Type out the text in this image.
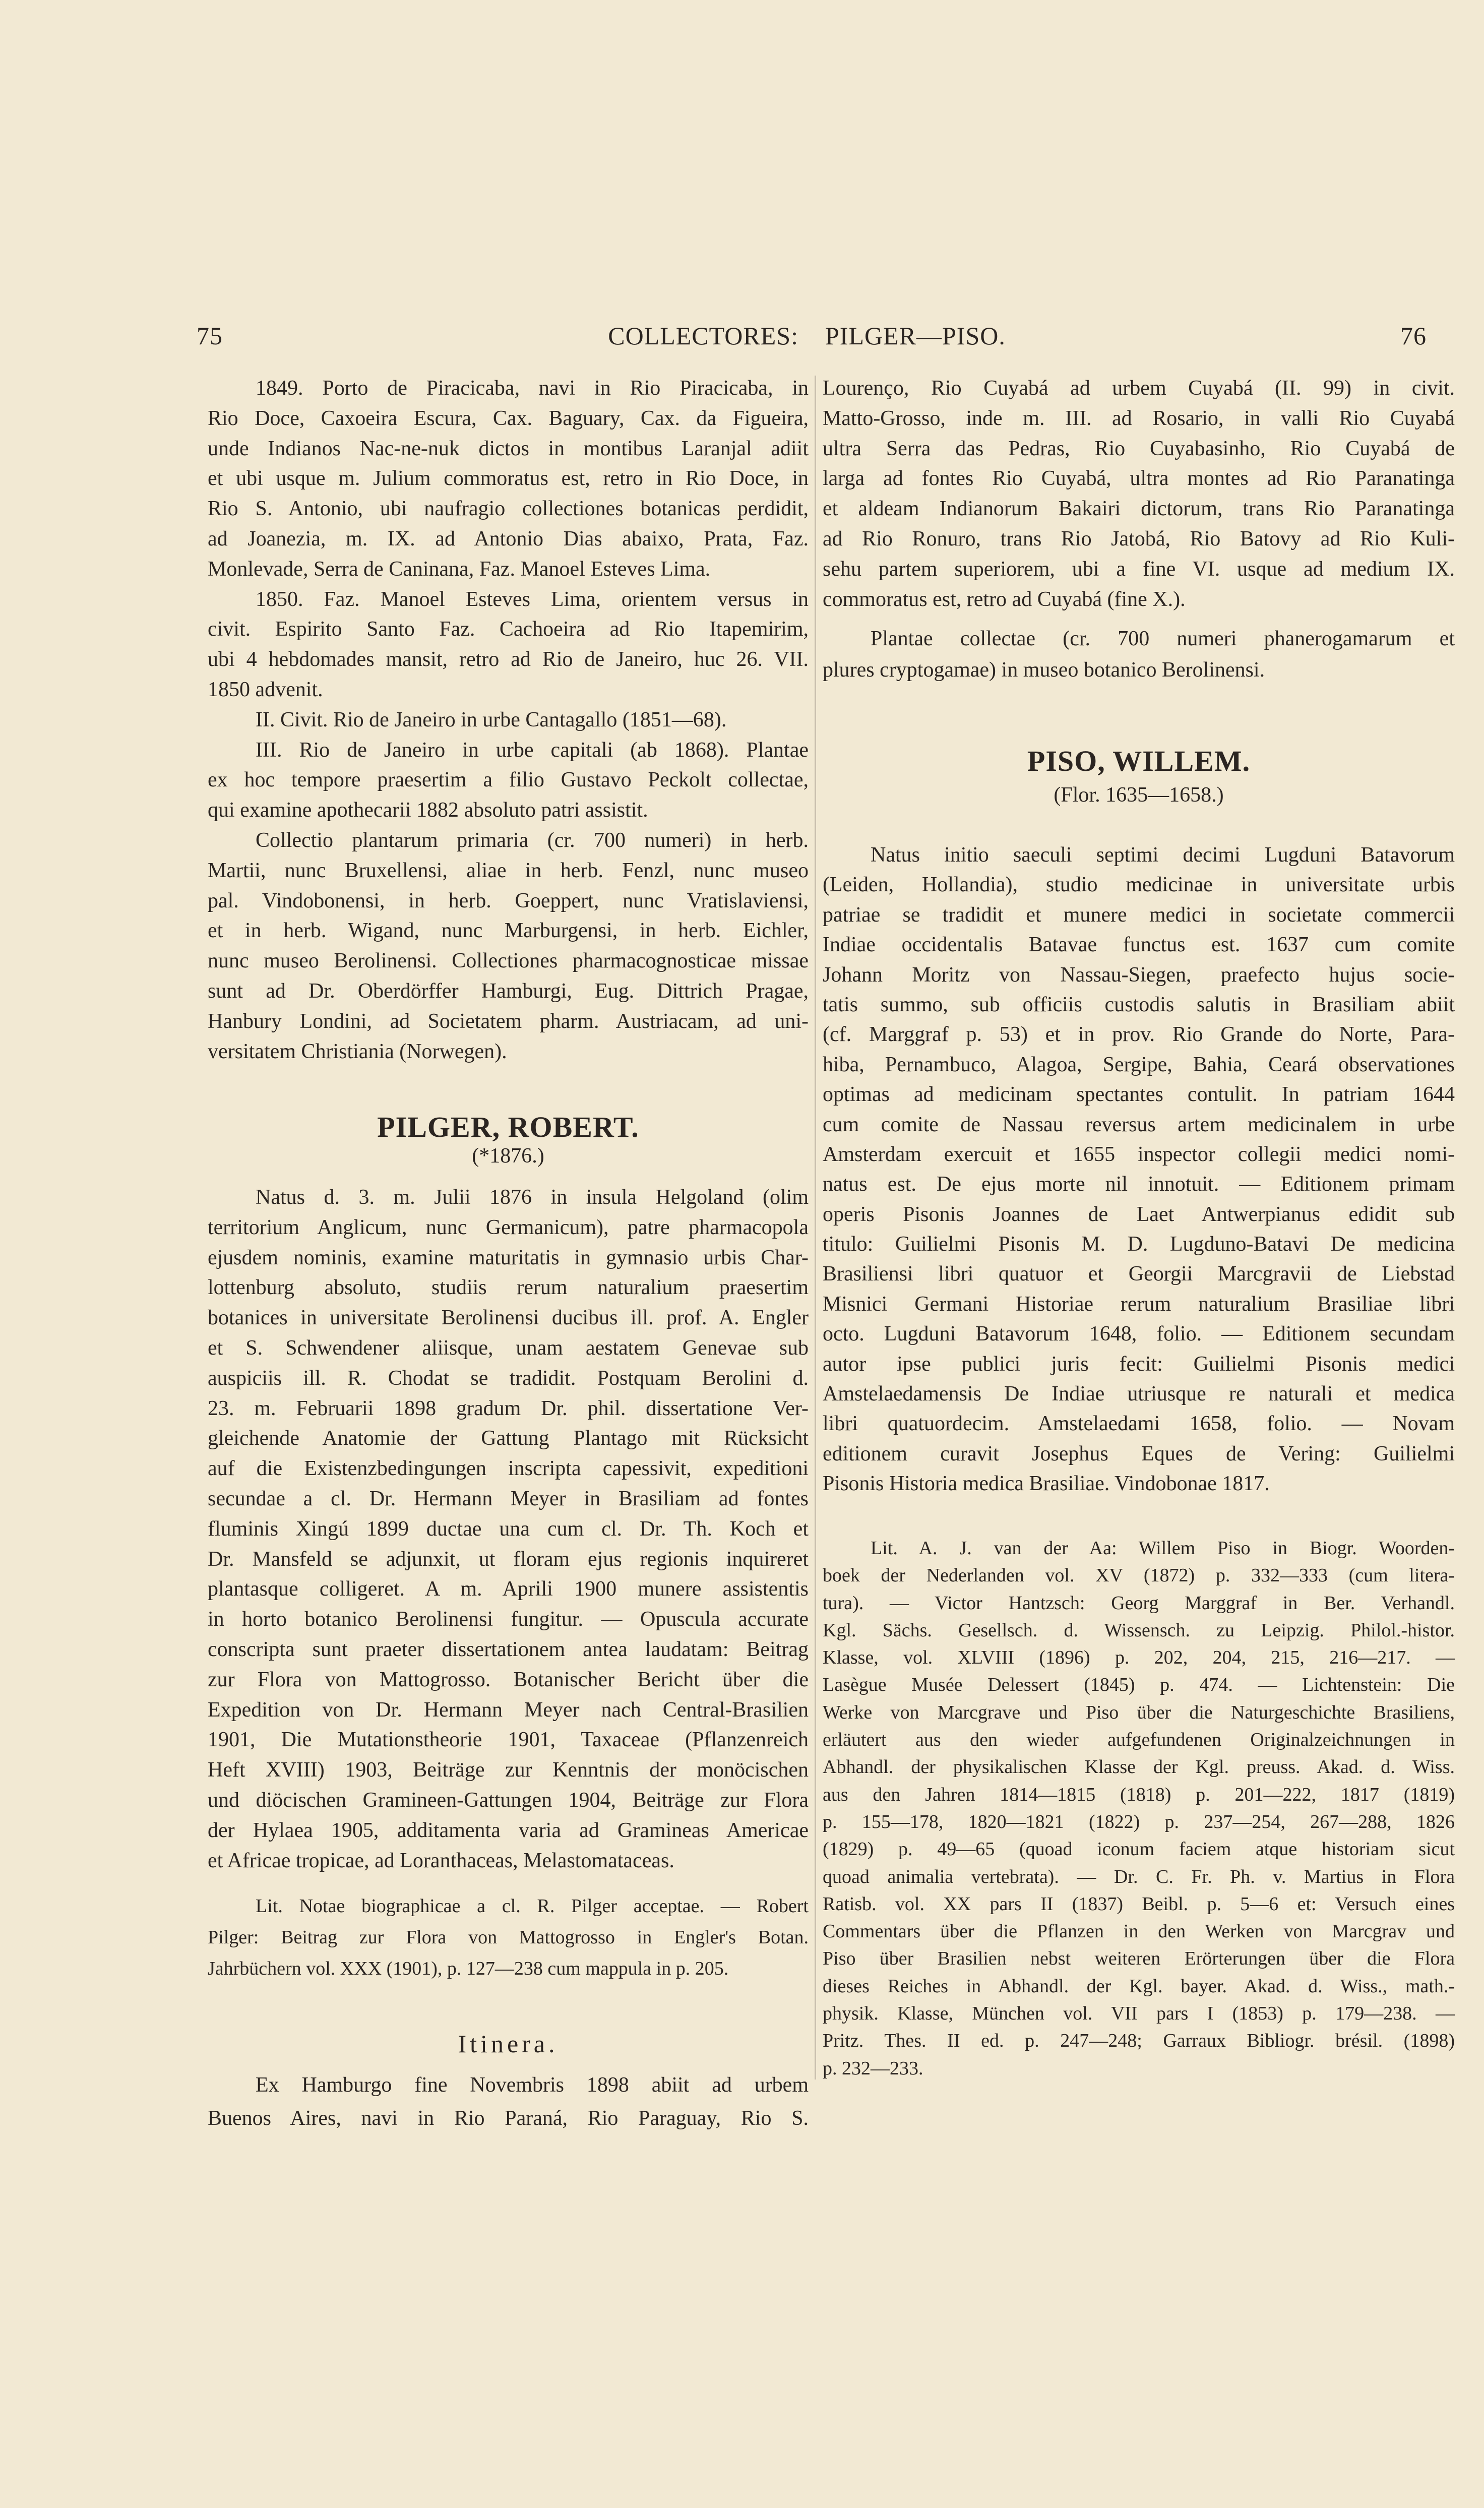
75	COLLECTORES: PILGER—PISO.	76
1849. Porto de Piracicaba, navi in Rio Piracicaba, in
Rio Doce, Caxoeira Escura, Cax. Baguary, Cax. da Figueira,
unde Indianos Nac-ne-nuk dictos in montibus Laranjal adiit
et ubi usque m. Julium commoratus est, retro in Rio Doce, in
Rio S. Antonio, ubi naufragio collectiones botanicas perdidit,
ad Joanezia, m. IX. ad Antonio Dias abaixo, Prata, Faz.
Monlevade, Serra de Caninana, Faz. Manoel Esteves Lima.
1850. Faz. Manoel Esteves Lima, orientem versus in
civit. Espirito Santo Faz. Cachoeira ad Rio Itapemirim,
ubi 4 hebdomades mansit, retro ad Rio de Janeiro, huc 26. VII.
1850 advenit.
II. Civit. Rio de Janeiro in urbe Cantagallo (1851—68).
III. Rio de Janeiro in urbe capitali (ab 1868). Plantae
ex hoc tempore praesertim a filio Gustavo Peckolt collectae,
qui examine apothecarii 1882 absoluto patri assistit.
Collectio plantarum primaria (cr. 700 numeri) in herb.
Martii, nunc Bruxellensi, aliae in herb. Fenzl, nunc museo
pal. Vindobonensi, in herb. Goeppert, nunc Vratislaviensi,
et in herb. Wigand, nunc Marburgensi, in herb. Eichler,
nunc museo Berolinensi. Collectiones pharmacognosticae missae
sunt ad Dr. Oberdörffer Hamburgi, Eug. Dittrich Pragae,
Hanbury Londini, ad Societatem pharm. Austriacam, ad uni-
versitatem Christiania (Norwegen).
PILGER, ROBERT.
(*1876.)
Natus d. 3. m. Julii 1876 in insula Helgoland (olim
territorium Anglicum, nunc Germanicum), patre pharmacopola
ejusdem nominis, examine maturitatis in gymnasio urbis Char-
lottenburg absoluto, studiis rerum naturalium praesertim
botanices in universitate Berolinensi ducibus ill. prof. A. Engler
et S. Schwendener aliisque, unam aestatem Genevae sub
auspiciis ill. R. Chodat se tradidit. Postquam Berolini d.
23. m. Februarii 1898 gradum Dr. phil. dissertatione Ver-
gleichende Anatomie der Gattung Plantago mit Rücksicht
auf die Existenzbedingungen inscripta capessivit, expeditioni
secundae a cl. Dr. Hermann Meyer in Brasiliam ad fontes
fluminis Xingú 1899 ductae una cum cl. Dr. Th. Koch et
Dr. Mansfeld se adjunxit, ut floram ejus regionis inquireret
plantasque colligeret. A m. Aprili 1900 munere assistentis
in horto botanico Berolinensi fungitur. — Opuscula accurate
conscripta sunt praeter dissertationem antea laudatam: Beitrag
zur Flora von Mattogrosso. Botanischer Bericht über die
Expedition von Dr. Hermann Meyer nach Central-Brasilien
1901, Die Mutationstheorie 1901, Taxaceae (Pflanzenreich
Heft XVIII) 1903, Beiträge zur Kenntnis der monöcischen
und diöcischen Gramineen-Gattungen 1904, Beiträge zur Flora
der Hylaea 1905, additamenta varia ad Gramineas Americae
et Africae tropicae, ad Loranthaceas, Melastomataceas.
Lit. Notae biographicae a cl. R. Pilger acceptae. — Robert
Pilger: Beitrag zur Flora von Mattogrosso in Engler's Botan.
Jahrbüchern vol. XXX (1901), p. 127—238 cum mappula in p. 205.
Itinera.
Ex Hamburgo fine Novembris 1898 abiit ad urbem
Buenos Aires, navi in Rio Paraná, Rio Paraguay, Rio S.
Lourenço, Rio Cuyabá ad urbem Cuyabá (II. 99) in civit.
Matto-Grosso, inde m. III. ad Rosario, in valli Rio Cuyabá
ultra Serra das Pedras, Rio Cuyabasinho, Rio Cuyabá de
larga ad fontes Rio Cuyabá, ultra montes ad Rio Paranatinga
et aldeam Indianorum Bakairi dictorum, trans Rio Paranatinga
ad Rio Ronuro, trans Rio Jatobá, Rio Batovy ad Rio Kuli-
sehu partem superiorem, ubi a fine VI. usque ad medium IX.
commoratus est, retro ad Cuyabá (fine X.).
Plantae collectae (cr. 700 numeri phanerogamarum et
plures cryptogamae) in museo botanico Berolinensi.
PISO, WILLEM.
(Flor. 1635—1658.)
Natus initio saeculi septimi decimi Lugduni Batavorum
(Leiden, Hollandia), studio medicinae in universitate urbis
patriae se tradidit et munere medici in societate commercii
Indiae occidentalis Batavae functus est. 1637 cum comite
Johann Moritz von Nassau-Siegen, praefecto hujus socie-
tatis summo, sub officiis custodis salutis in Brasiliam abiit
(cf. Marggraf p. 53) et in prov. Rio Grande do Norte, Para-
hiba, Pernambuco, Alagoa, Sergipe, Bahia, Ceará observationes
optimas ad medicinam spectantes contulit. In patriam 1644
cum comite de Nassau reversus artem medicinalem in urbe
Amsterdam exercuit et 1655 inspector collegii medici nomi-
natus est. De ejus morte nil innotuit. — Editionem primam
operis Pisonis Joannes de Laet Antwerpianus edidit sub
titulo: Guilielmi Pisonis M. D. Lugduno-Batavi De medicina
Brasiliensi libri quatuor et Georgii Marcgravii de Liebstad
Misnici Germani Historiae rerum naturalium Brasiliae libri
octo. Lugduni Batavorum 1648, folio. — Editionem secundam
autor ipse publici juris fecit: Guilielmi Pisonis medici
Amstelaedamensis De Indiae utriusque re naturali et medica
libri quatuordecim. Amstelaedami 1658, folio. — Novam
editionem curavit Josephus Eques de Vering: Guilielmi
Pisonis Historia medica Brasiliae. Vindobonae 1817.
Lit. A. J. van der Aa: Willem Piso in Biogr. Woorden-
boek der Nederlanden vol. XV (1872) p. 332—333 (cum litera-
tura). — Victor Hantzsch: Georg Marggraf in Ber. Verhandl.
Kgl. Sächs. Gesellsch. d. Wissensch. zu Leipzig. Philol.-histor.
Klasse, vol. XLVIII (1896) p. 202, 204, 215, 216—217. —
Lasègue Musée Delessert (1845) p. 474. — Lichtenstein: Die
Werke von Marcgrave und Piso über die Naturgeschichte Brasiliens,
erläutert aus den wieder aufgefundenen Originalzeichnungen in
Abhandl. der physikalischen Klasse der Kgl. preuss. Akad. d. Wiss.
aus den Jahren 1814—1815 (1818) p. 201—222, 1817 (1819)
p. 155—178, 1820—1821 (1822) p. 237—254, 267—288, 1826
(1829) p. 49—65 (quoad iconum faciem atque historiam sicut
quoad animalia vertebrata). — Dr. C. Fr. Ph. v. Martius in Flora
Ratisb. vol. XX pars II (1837) Beibl. p. 5—6 et: Versuch eines
Commentars über die Pflanzen in den Werken von Marcgrav und
Piso über Brasilien nebst weiteren Erörterungen über die Flora
dieses Reiches in Abhandl. der Kgl. bayer. Akad. d. Wiss., math.-
physik. Klasse, München vol. VII pars I (1853) p. 179—238. —
Pritz. Thes. II ed. p. 247—248; Garraux Bibliogr. brésil. (1898)
p. 232—233.
